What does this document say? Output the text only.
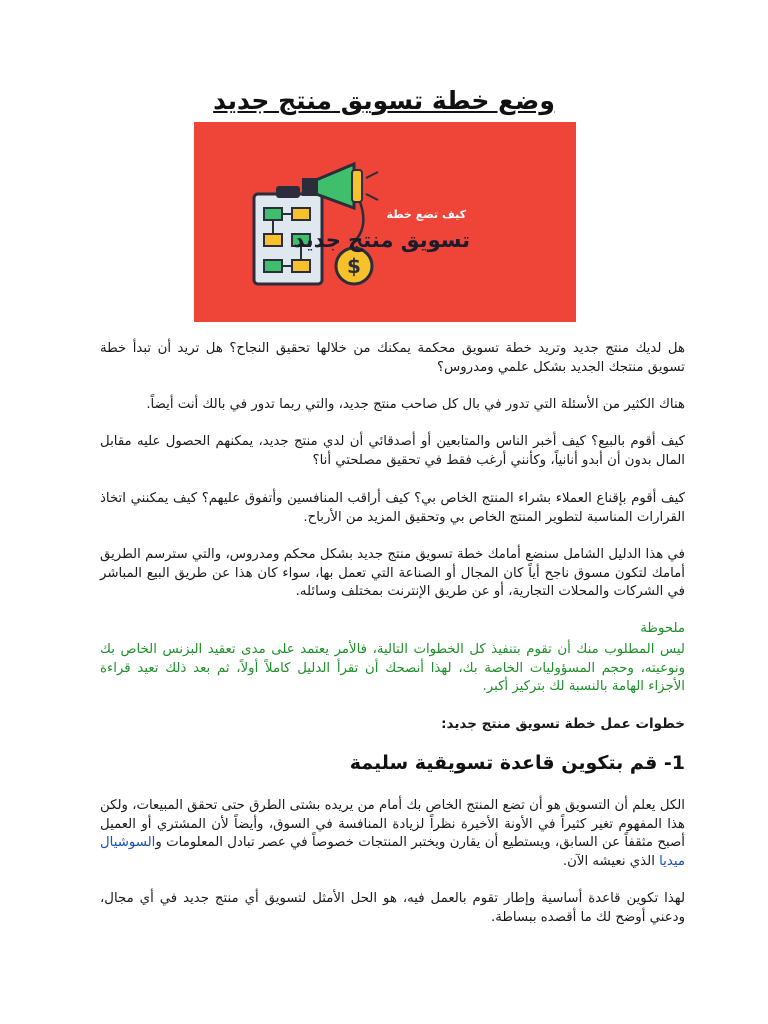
وضع خطة تسويق منتج جديد
$
كيف تضع خطة
تسويق منتج جديد
هل لديك منتج جديد وتريد خطة تسويق محكمة يمكنك من خلالها تحقيق النجاح؟ هل تريد أن تبدأ خطة تسويق منتجك الجديد بشكل علمي ومدروس؟
هناك الكثير من الأسئلة التي تدور في بال كل صاحب منتج جديد، والتي ربما تدور في بالك أنت أيضاً.
كيف أقوم بالبيع؟ كيف أخبر الناس والمتابعين أو أصدقائي أن لدي منتج جديد، يمكنهم الحصول عليه مقابل المال بدون أن أبدو أنانياً، وكأنني أرغب فقط في تحقيق مصلحتي أنا؟
كيف أقوم بإقناع العملاء بشراء المنتج الخاص بي؟ كيف أراقب المنافسين وأتفوق عليهم؟ كيف يمكنني اتخاذ القرارات المناسبة لتطوير المنتج الخاص بي وتحقيق المزيد من الأرباح.
في هذا الدليل الشامل سنضع أمامك خطة تسويق منتج جديد بشكل محكم ومدروس، والتي سترسم الطريق أمامك لتكون مسوق ناجح أياً كان المجال أو الصناعة التي تعمل بها، سواء كان هذا عن طريق البيع المباشر في الشركات والمحلات التجارية، أو عن طريق الإنترنت بمختلف وسائله.
ملحوظة
ليس المطلوب منك أن تقوم بتنفيذ كل الخطوات التالية، فالأمر يعتمد على مدى تعقيد البزنس الخاص بك ونوعيته، وحجم المسؤوليات الخاصة بك، لهذا أنصحك أن تقرأ الدليل كاملاً أولاً، ثم بعد ذلك تعيد قراءة الأجزاء الهامة بالنسبة لك بتركيز أكبر.
خطوات عمل خطة تسويق منتج جديد:
1- قم بتكوين قاعدة تسويقية سليمة
الكل يعلم أن التسويق هو أن تضع المنتج الخاص بك أمام من يريده بشتى الطرق حتى تحقق المبيعات، ولكن هذا المفهوم تغير كثيراً في الأونة الأخيرة نظراً لزيادة المنافسة في السوق، وأيضاً لأن المشتري أو العميل أصبح مثقفاً عن السابق، ويستطيع أن يقارن ويختبر المنتجات خصوصاً في عصر تبادل المعلومات والسوشيال ميديا الذي نعيشه الآن.
لهذا تكوين قاعدة أساسية وإطار تقوم بالعمل فيه، هو الحل الأمثل لتسويق أي منتج جديد في أي مجال، ودعني أوضح لك ما أقصده ببساطة.
